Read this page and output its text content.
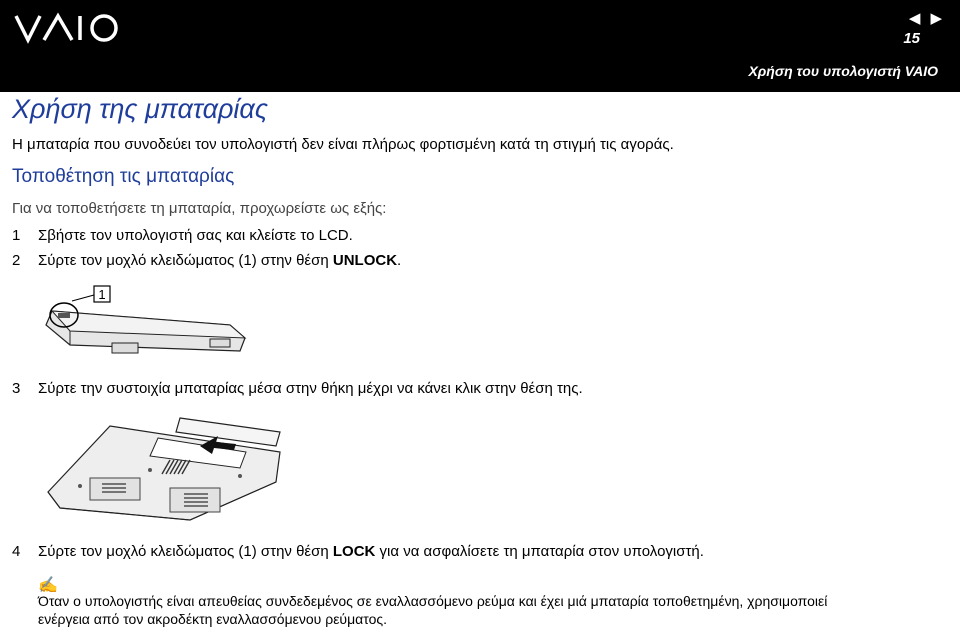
◀ ▶
15
Χρήση του υπολογιστή VAIO
Χρήση της μπαταρίας
Η μπαταρία που συνοδεύει τον υπολογιστή δεν είναι πλήρως φορτισμένη κατά τη στιγμή τις αγοράς.
Τοποθέτηση τις μπαταρίας
Για να τοποθετήσετε τη μπαταρία, προχωρείστε ως εξής:
1 Σβήστε τον υπολογιστή σας και κλείστε το LCD.
2 Σύρτε τον μοχλό κλειδώματος (1) στην θέση UNLOCK.
1
3 Σύρτε την συστοιχία μπαταρίας μέσα στην θήκη μέχρι να κάνει κλικ στην θέση της.
4 Σύρτε τον μοχλό κλειδώματος (1) στην θέση LOCK για να ασφαλίσετε τη μπαταρία στον υπολογιστή.
✍
Όταν ο υπολογιστής είναι απευθείας συνδεδεμένος σε εναλλασσόμενο ρεύμα και έχει μιά μπαταρία τοποθετημένη, χρησιμοποιεί
ενέργεια από τον ακροδέκτη εναλλασσόμενου ρεύματος.
